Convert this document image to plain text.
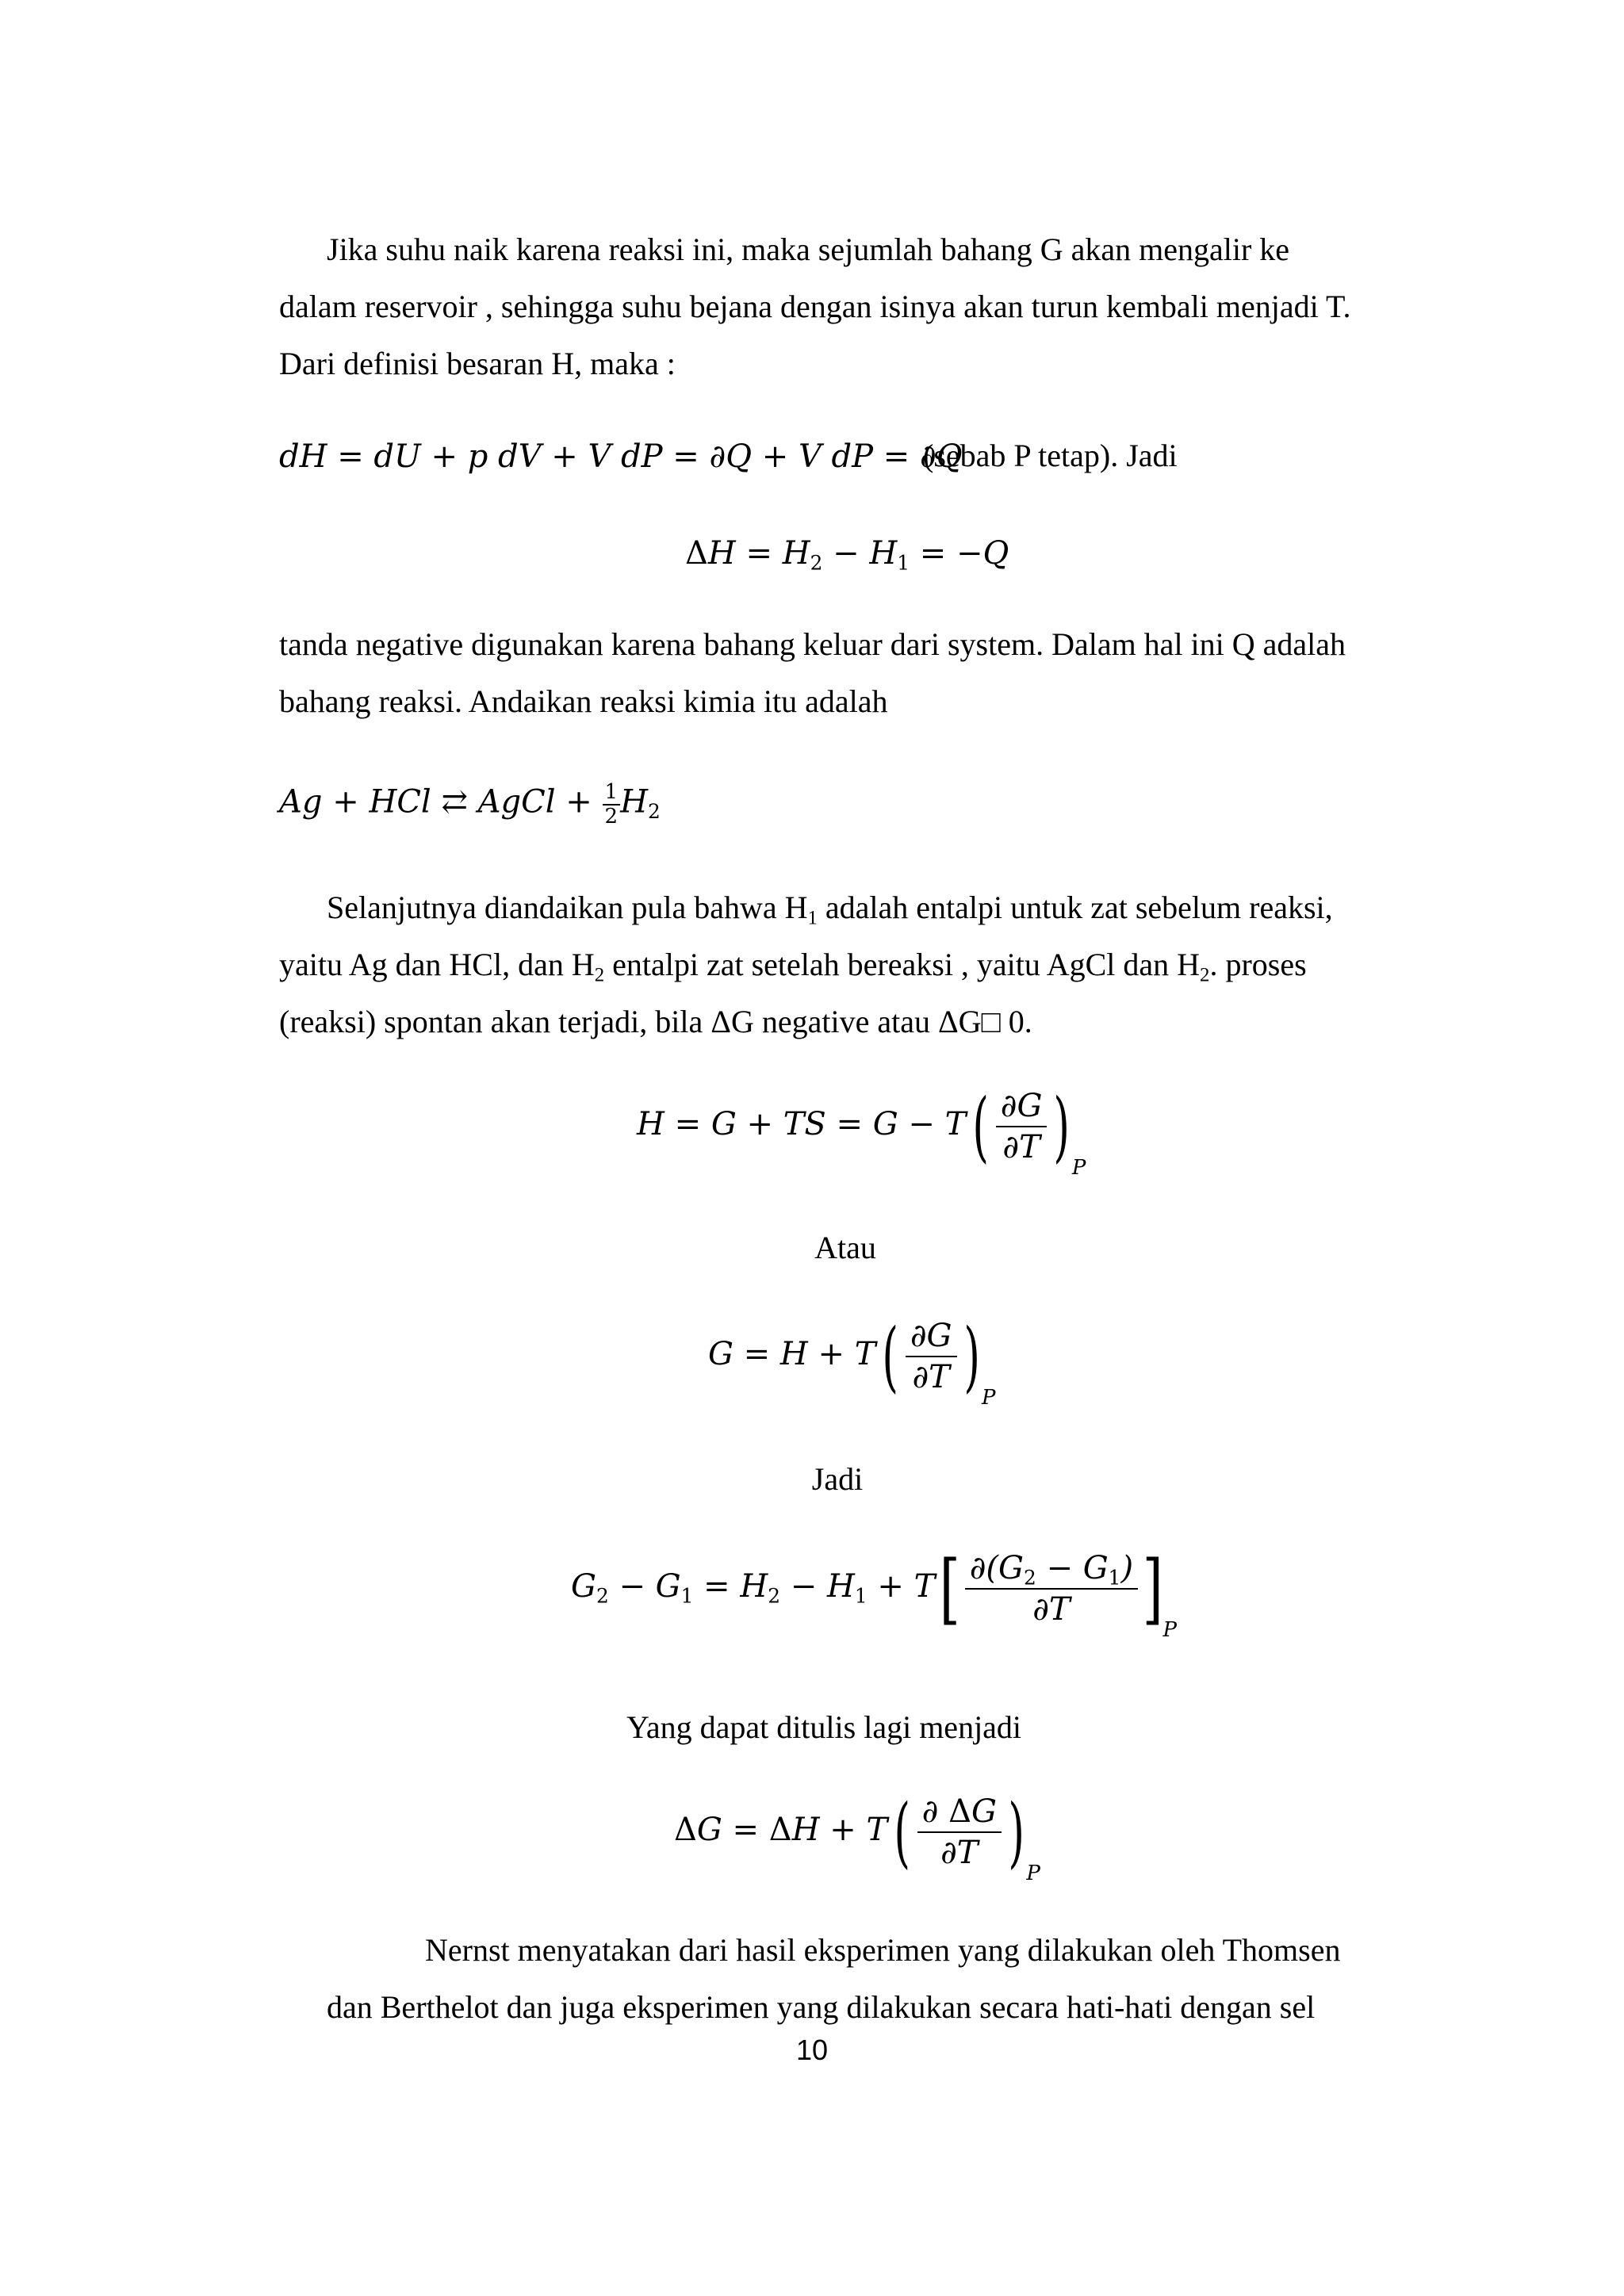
Jika suhu naik karena reaksi ini, maka sejumlah bahang G akan mengalir ke
dalam reservoir , sehingga suhu bejana dengan isinya akan turun kembali menjadi T.
Dari definisi besaran H, maka :
dH = dU + p dV + V dP = ∂Q + V dP = ∂Q
(sebab P tetap). Jadi
$\Delta H = H_2 - H_1 = -Q$
tanda negative digunakan karena bahang keluar dari system. Dalam hal ini Q adalah
bahang reaksi. Andaikan reaksi kimia itu adalah
Ag + HCl ⇄ AgCl + $\frac{1}{2} H_2$
Selanjutnya diandaikan pula bahwa $H_1$ adalah entalpi untuk zat sebelum reaksi,
yaitu Ag dan HCl, dan $H_2$ entalpi zat setelah bereaksi , yaitu AgCl dan $H_2$. proses
(reaksi) spontan akan terjadi, bila ΔG negative atau ΔG□ 0.
H = G + TS = $G - T( \frac{\partial G}{\partial T} )_P$
Atau
$G = H + T( \frac{\partial G}{\partial T} )_P$
Jadi
$G_2 - G_1 = H_2 - H_1 + T[ \frac{\partial(G_2 - G_1)}{\partial T} ]_P$
Yang dapat ditulis lagi menjadi
$\Delta G = \Delta H + T( \frac{\partial \Delta G}{\partial T} )_P$
Nernst menyatakan dari hasil eksperimen yang dilakukan oleh Thomsen
dan Berthelot dan juga eksperimen yang dilakukan secara hati-hati dengan sel
10
